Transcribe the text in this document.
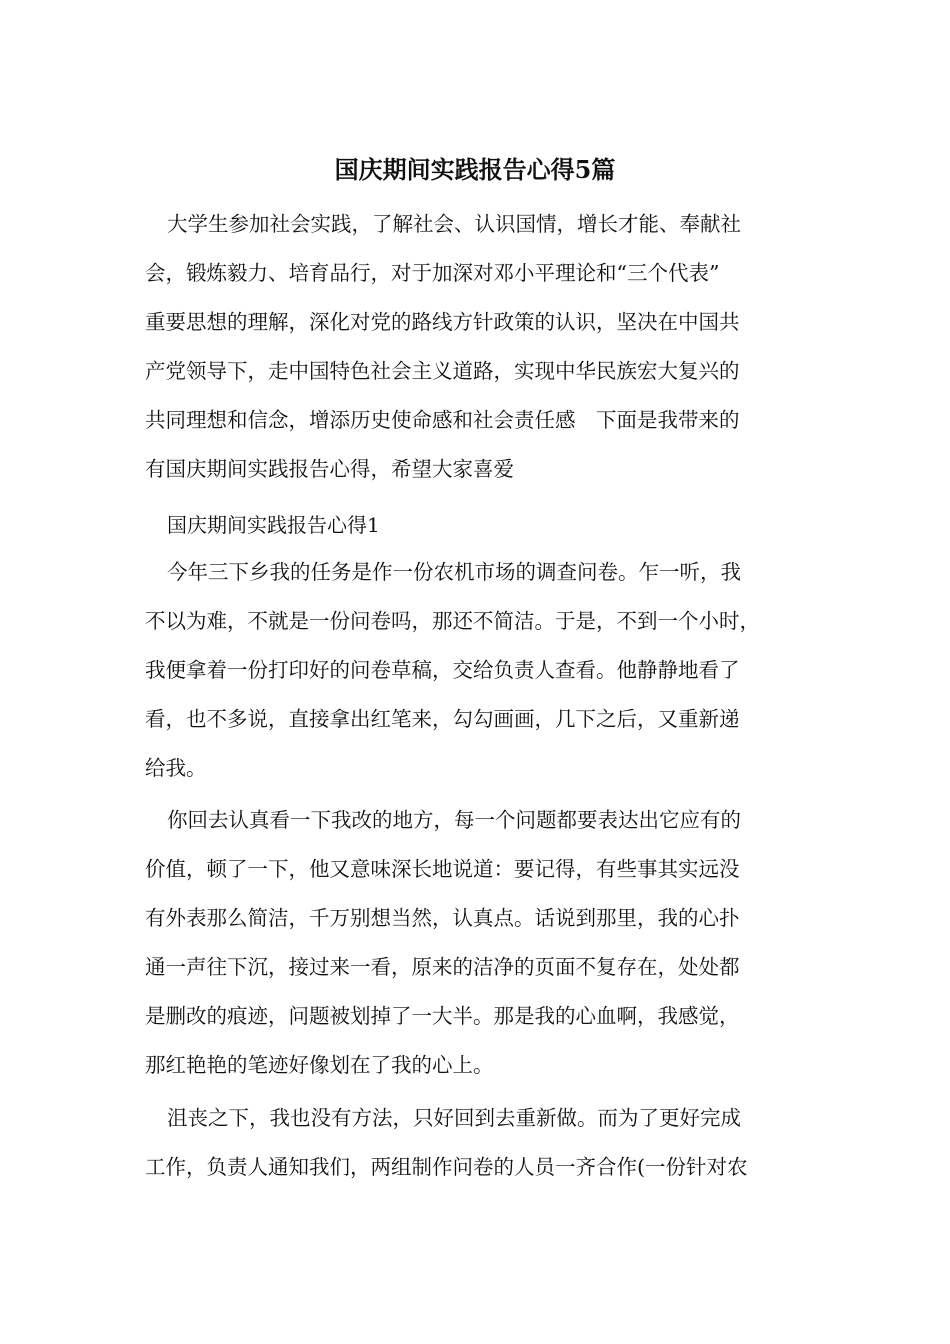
国庆期间实践报告心得5篇
大学生参加社会实践，了解社会、认识国情，增长才能、奉献社
会，锻炼毅力、培育品行，对于加深对邓小平理论和“三个代表”
重要思想的理解，深化对党的路线方针政策的认识，坚决在中国共
产党领导下，走中国特色社会主义道路，实现中华民族宏大复兴的
共同理想和信念，增添历史使命感和社会责任感　下面是我带来的
有国庆期间实践报告心得，希望大家喜爱
国庆期间实践报告心得1
今年三下乡我的任务是作一份农机市场的调查问卷。乍一听，我
不以为难，不就是一份问卷吗，那还不简洁。于是，不到一个小时，
我便拿着一份打印好的问卷草稿，交给负责人查看。他静静地看了
看，也不多说，直接拿出红笔来，勾勾画画，几下之后，又重新递
给我。
你回去认真看一下我改的地方，每一个问题都要表达出它应有的
价值，顿了一下，他又意味深长地说道：要记得，有些事其实远没
有外表那么简洁，千万别想当然，认真点。话说到那里，我的心扑
通一声往下沉，接过来一看，原来的洁净的页面不复存在，处处都
是删改的痕迹，问题被划掉了一大半。那是我的心血啊，我感觉，
那红艳艳的笔迹好像划在了我的心上。
沮丧之下，我也没有方法，只好回到去重新做。而为了更好完成
工作，负责人通知我们，两组制作问卷的人员一齐合作(一份针对农
